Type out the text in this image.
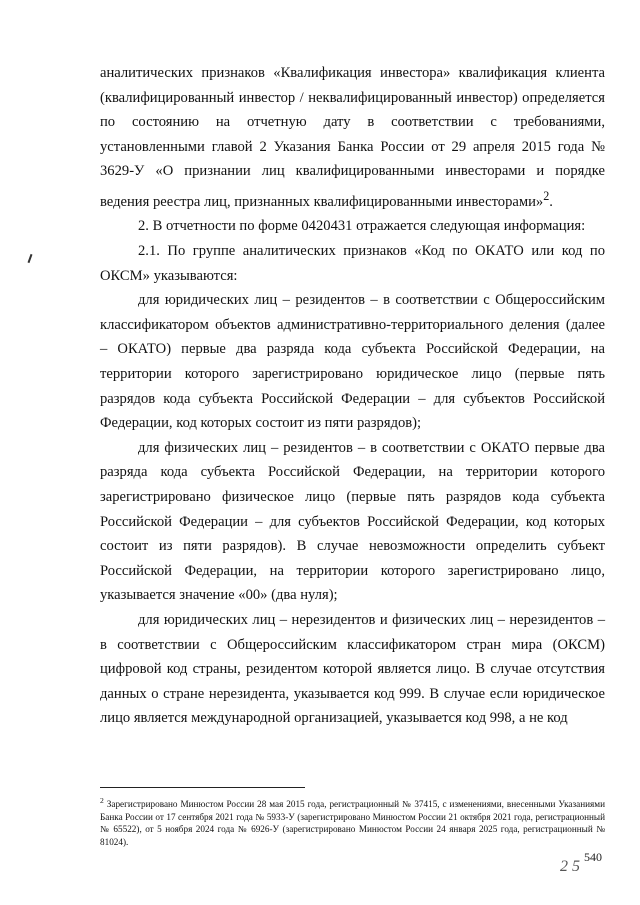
аналитических признаков «Квалификация инвестора» квалификация клиента (квалифицированный инвестор / неквалифицированный инвестор) определяется по состоянию на отчетную дату в соответствии с требованиями, установленными главой 2 Указания Банка России от 29 апреля 2015 года № 3629-У «О признании лиц квалифицированными инвесторами и порядке ведения реестра лиц, признанных квалифицированными инвесторами»$^2$.

2. В отчетности по форме 0420431 отражается следующая информация:

2.1. По группе аналитических признаков «Код по ОКАТО или код по ОКСМ» указываются:

для юридических лиц – резидентов – в соответствии с Общероссийским классификатором объектов административно-территориального деления (далее – ОКАТО) первые два разряда кода субъекта Российской Федерации, на территории которого зарегистрировано юридическое лицо (первые пять разрядов кода субъекта Российской Федерации – для субъектов Российской Федерации, код которых состоит из пяти разрядов);

для физических лиц – резидентов – в соответствии с ОКАТО первые два разряда кода субъекта Российской Федерации, на территории которого зарегистрировано физическое лицо (первые пять разрядов кода субъекта Российской Федерации – для субъектов Российской Федерации, код которых состоит из пяти разрядов). В случае невозможности определить субъект Российской Федерации, на территории которого зарегистрировано лицо, указывается значение «00» (два нуля);

для юридических лиц – нерезидентов и физических лиц – нерезидентов – в соответствии с Общероссийским классификатором стран мира (ОКСМ) цифровой код страны, резидентом которой является лицо. В случае отсутствия данных о стране нерезидента, указывается код 999. В случае если юридическое лицо является международной организацией, указывается код 998, а не код

$^2$ Зарегистрировано Минюстом России 28 мая 2015 года, регистрационный № 37415, с изменениями, внесенными Указаниями Банка России от 17 сентября 2021 года № 5933-У (зарегистрировано Минюстом России 21 октября 2021 года, регистрационный № 65522), от 5 ноября 2024 года № 6926-У (зарегистрировано Минюстом России 24 января 2025 года, регистрационный № 81024).

2 5
540
